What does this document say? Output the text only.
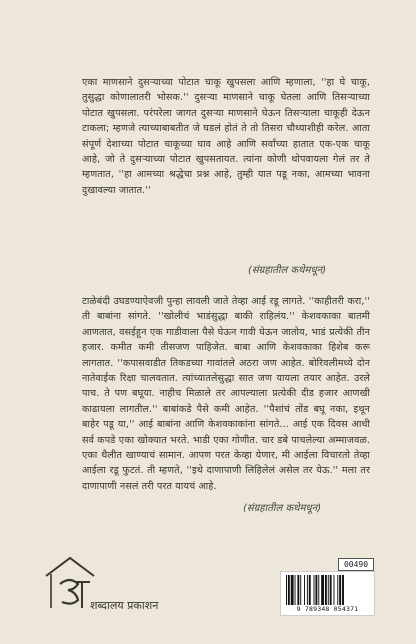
एका माणसाने दुसऱ्याच्या पोटात चाकू खुपसला आणि म्हणाला, ''हा घे चाकू, तुसुद्धा कोणालातरी भोसक.'' दुसऱ्या माणसाने चाकू घेतला आणि तिसऱ्याच्या पोटात खुपसला. परंपरेला जागत दुसऱ्या माणसाने घेऊन तिसऱ्याला चाकूही देऊन टाकला; म्हणजे त्याच्याबाबतीत जे घडलं होतं ते तो तिसरा चौथ्याशीही करेल. आता संपूर्ण देशाच्या पोटात चाकूच्या घाव आहे आणि सर्वांच्या हातात एक-एक चाकू आहे, जो ते दुसऱ्याच्या पोटात खुपसतायत. त्यांना कोणी थोपवायला गेलं तर ते म्हणतात, ''हा आमच्या श्रद्धेचा प्रश्न आहे, तुम्ही यात पडू नका, आमच्या भावना दुखावल्या जातात.''

(संग्रहातील कथेमधून)

टाळेबंदी उघडण्याऐवजी पुन्हा लावली जाते तेव्हा आई रडू लागते. ''काहीतरी करा,'' ती बाबांना सांगते. ''खोलीचं भाडंसुद्धा बाकी राहिलंय.'' केशवकाका बातमी आणतात, वसईहून एक गाडीवाला पैसे घेऊन गावी घेऊन जातोय, भाडं प्रत्येकी तीन हजार. कमीत कमी तीसजण पाहिजेत. बाबा आणि केशवकाका हिशेब करू लागतात. ''कपासवाडीत तिकडच्या गावांतले अठरा जण आहेत. बोरिवलीमध्ये दोन नातेवाईक रिक्षा चालवतात. त्यांच्यातलेसुद्धा सात जण यायला तयार आहेत. उरले पाच. ते पण बघूया. नाहीच मिळाले तर आपल्याला प्रत्येकी दीड हजार आणखी काढायला लागतील.'' बाबांकडे पैसे कमी आहेत. ''पैशांचं तोंड बघू नका, इथून बाहेर पडू या,'' आई बाबांना आणि केशवकाकांना सांगते... आई एक दिवस आधी सर्व कपडे एका खोक्यात भरते. भाडी एका गोणीत. चार डबे पाचलेल्या अम्माजवळ. एका थैलीत खाण्याचं सामान. आपण परत केव्हा येणार, मी आईला विचारतो तेव्हा आईला रडू फुटतं. ती म्हणते, ''इथे दाणापाणी लिहिलेलं असेल तर येऊ.'' मला तर दाणापाणी नसलं तरी परत यायचं आहे.

(संग्रहातील कथेमधून)
शब्दालय प्रकाशन
00490
9 789348 054371
